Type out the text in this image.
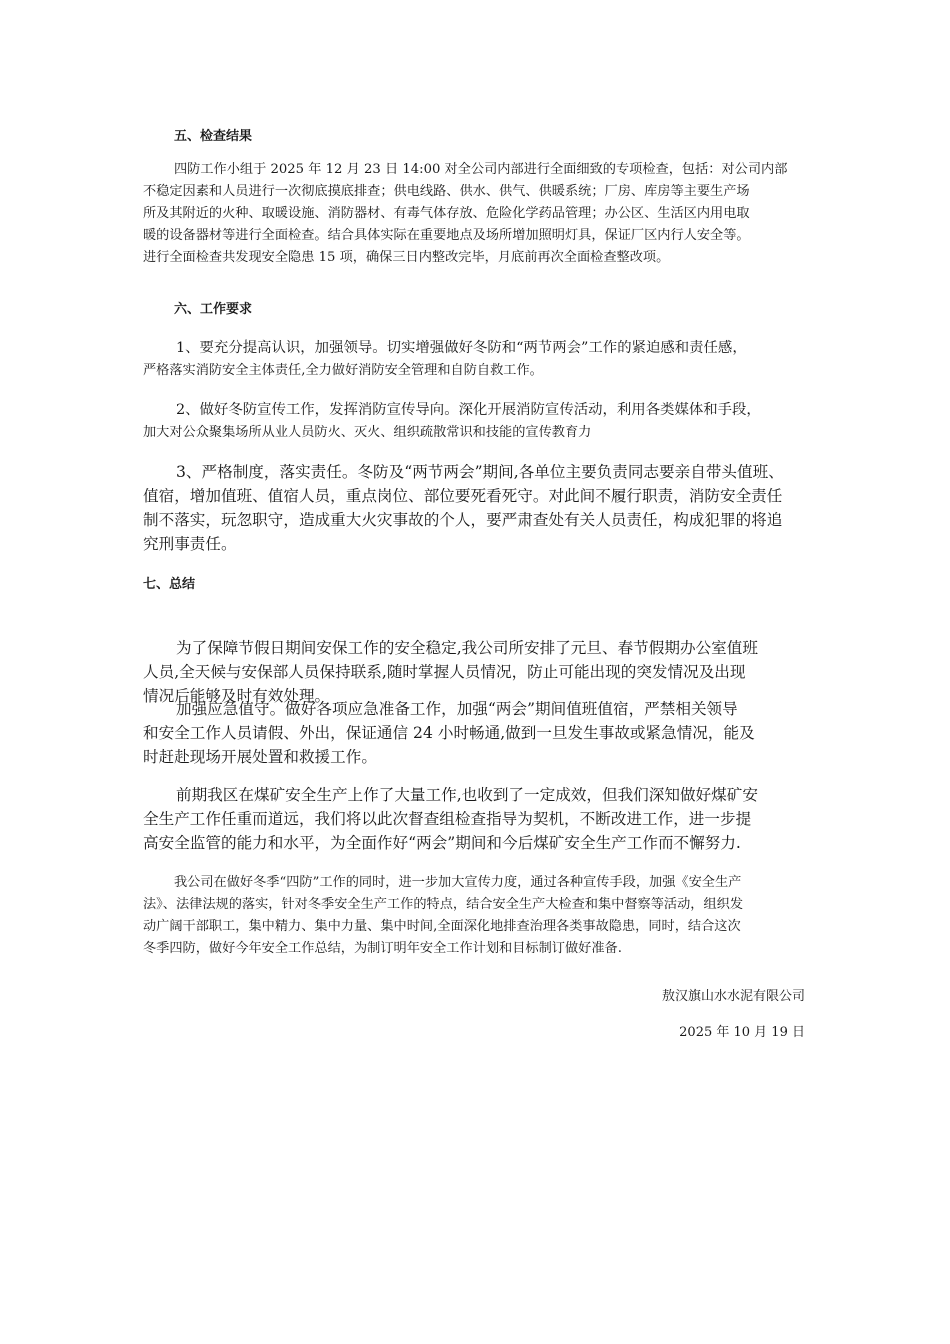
五、检查结果
四防工作小组于 2025 年 12 月 23 日 14:00 对全公司内部进行全面细致的专项检查，包括：对公司内部
不稳定因素和人员进行一次彻底摸底排查；供电线路、供水、供气、供暖系统；厂房、库房等主要生产场
所及其附近的火种、取暖设施、消防器材、有毒气体存放、危险化学药品管理；办公区、生活区内用电取
暖的设备器材等进行全面检查。结合具体实际在重要地点及场所增加照明灯具，保证厂区内行人安全等。
进行全面检查共发现安全隐患 15 项，确保三日内整改完毕，月底前再次全面检查整改项。
六、工作要求
1、要充分提高认识，加强领导。切实增强做好冬防和“两节两会”工作的紧迫感和责任感，
严格落实消防安全主体责任,全力做好消防安全管理和自防自救工作。
2、做好冬防宣传工作，发挥消防宣传导向。深化开展消防宣传活动，利用各类媒体和手段，
加大对公众聚集场所从业人员防火、灭火、组织疏散常识和技能的宣传教育力
3、严格制度，落实责任。冬防及“两节两会”期间,各单位主要负责同志要亲自带头值班、
值宿，增加值班、值宿人员，重点岗位、部位要死看死守。对此间不履行职责，消防安全责任
制不落实，玩忽职守，造成重大火灾事故的个人，要严肃查处有关人员责任，构成犯罪的将追
究刑事责任。
七、总结
为了保障节假日期间安保工作的安全稳定,我公司所安排了元旦、春节假期办公室值班
人员,全天候与安保部人员保持联系,随时掌握人员情况，防止可能出现的突发情况及出现
情况后能够及时有效处理。
加强应急值守。做好各项应急准备工作，加强“两会”期间值班值宿，严禁相关领导
和安全工作人员请假、外出，保证通信 24 小时畅通,做到一旦发生事故或紧急情况，能及
时赶赴现场开展处置和救援工作。
前期我区在煤矿安全生产上作了大量工作,也收到了一定成效，但我们深知做好煤矿安
全生产工作任重而道远，我们将以此次督查组检查指导为契机，不断改进工作，进一步提
高安全监管的能力和水平，为全面作好“两会”期间和今后煤矿安全生产工作而不懈努力.
我公司在做好冬季“四防”工作的同时，进一步加大宣传力度，通过各种宣传手段，加强《安全生产
法》、法律法规的落实，针对冬季安全生产工作的特点，结合安全生产大检查和集中督察等活动，组织发
动广阔干部职工，集中精力、集中力量、集中时间,全面深化地排查治理各类事故隐患，同时，结合这次
冬季四防，做好今年安全工作总结，为制订明年安全工作计划和目标制订做好准备.
敖汉旗山水水泥有限公司
2025 年 10 月 19 日
